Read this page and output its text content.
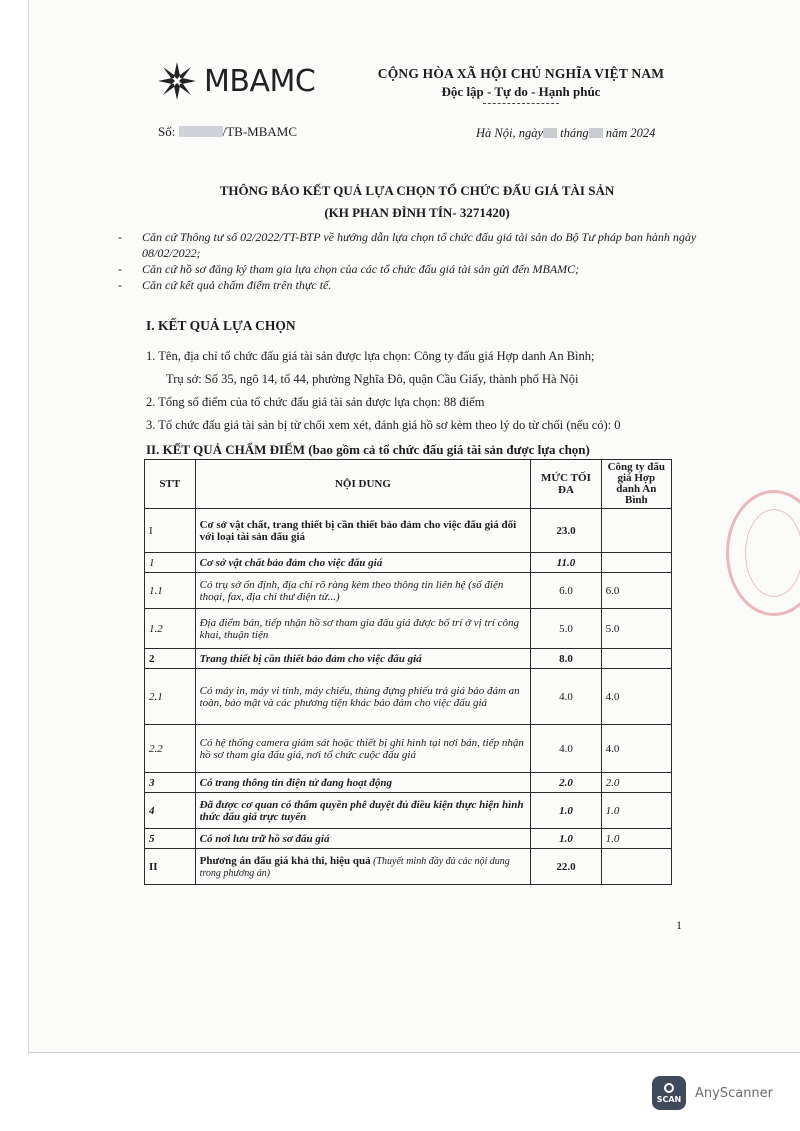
MBAMC	CỘNG HÒA XÃ HỘI CHỦ NGHĨA VIỆT NAM
Độc lập - Tự do - Hạnh phúc
Số:	/TB-MBAMC	Hà Nội, ngày tháng năm 2024
THÔNG BÁO KẾT QUẢ LỰA CHỌN TỔ CHỨC ĐẤU GIÁ TÀI SẢN
(KH PHAN ĐÌNH TÍN- 3271420)
-	Căn cứ Thông tư số 02/2022/TT-BTP về hướng dẫn lựa chọn tổ chức đấu giá tài sản do Bộ Tư pháp ban hành ngày 08/02/2022;
-	Căn cứ hồ sơ đăng ký tham gia lựa chọn của các tổ chức đấu giá tài sản gửi đến MBAMC;
-	Căn cứ kết quả chấm điểm trên thực tế.
I. KẾT QUẢ LỰA CHỌN
1. Tên, địa chỉ tổ chức đấu giá tài sản được lựa chọn: Công ty đấu giá Hợp danh An Bình;
Trụ sở: Số 35, ngõ 14, tổ 44, phường Nghĩa Đô, quận Cầu Giấy, thành phố Hà Nội
2. Tổng số điểm của tổ chức đấu giá tài sản được lựa chọn: 88 điểm
3. Tổ chức đấu giá tài sản bị từ chối xem xét, đánh giá hồ sơ kèm theo lý do từ chối (nếu có): 0
II. KẾT QUẢ CHẤM ĐIỂM (bao gồm cả tổ chức đấu giá tài sản được lựa chọn)
STT	NỘI DUNG	MỨC TỐI ĐA	Công ty đấu giá Hợp danh An Bình
I	Cơ sở vật chất, trang thiết bị cần thiết bảo đảm cho việc đấu giá đối với loại tài sản đấu giá	23.0	
1	Cơ sở vật chất bảo đảm cho việc đấu giá	11.0	
1.1	Có trụ sở ổn định, địa chỉ rõ ràng kèm theo thông tin liên hệ (số điện thoại, fax, địa chỉ thư điện tử...)	6.0	6.0
1.2	Địa điểm bán, tiếp nhận hồ sơ tham gia đấu giá được bố trí ở vị trí công khai, thuận tiện	5.0	5.0
2	Trang thiết bị cần thiết bảo đảm cho việc đấu giá	8.0	
2.1	Có máy in, máy vi tính, máy chiếu, thùng đựng phiếu trả giá bảo đảm an toàn, bảo mật và các phương tiện khác bảo đảm cho việc đấu giá	4.0	4.0
2.2	Có hệ thống camera giám sát hoặc thiết bị ghi hình tại nơi bán, tiếp nhận hồ sơ tham gia đấu giá, nơi tổ chức cuộc đấu giá	4.0	4.0
3	Có trang thông tin điện tử đang hoạt động	2.0	2.0
4	Đã được cơ quan có thẩm quyền phê duyệt đủ điều kiện thực hiện hình thức đấu giá trực tuyến	1.0	1.0
5	Có nơi lưu trữ hồ sơ đấu giá	1.0	1.0
II	Phương án đấu giá khả thi, hiệu quả (Thuyết minh đầy đủ các nội dung trong phương án)	22.0	
1
SCAN AnyScanner
